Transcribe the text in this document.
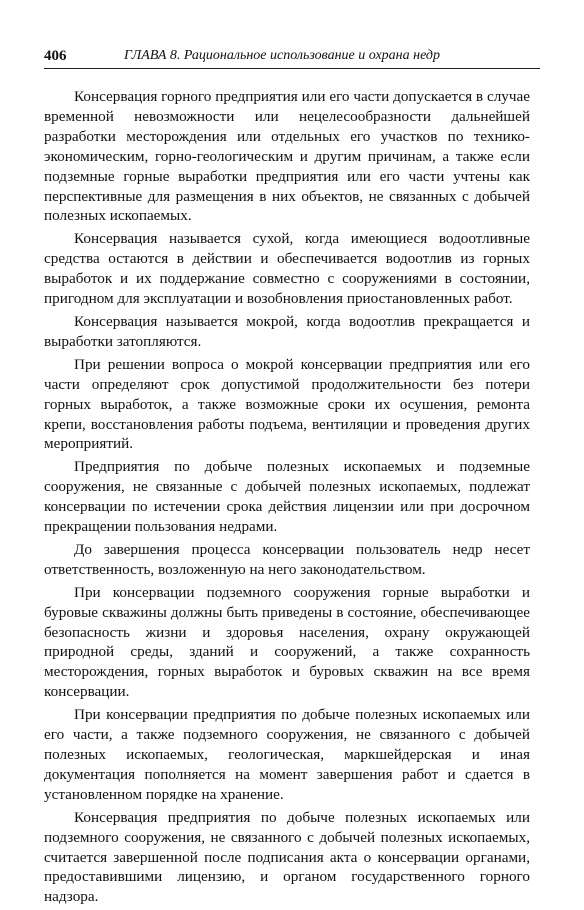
406	ГЛАВА 8. Рациональное использование и охрана недр

Консервация горного предприятия или его части допускается в случае временной невозможности или нецелесообразности дальнейшей разработки месторождения или отдельных его участков по технико-экономическим, горно-геологическим и другим причинам, а также если подземные горные выработки предприятия или его части учтены как перспективные для размещения в них объектов, не связанных с добычей полезных ископаемых.

Консервация называется сухой, когда имеющиеся водоотливные средства остаются в действии и обеспечивается водоотлив из горных выработок и их поддержание совместно с сооружениями в состоянии, пригодном для эксплуатации и возобновления приостановленных работ.

Консервация называется мокрой, когда водоотлив прекращается и выработки затопляются.

При решении вопроса о мокрой консервации предприятия или его части определяют срок допустимой продолжительности без потери горных выработок, а также возможные сроки их осушения, ремонта крепи, восстановления работы подъема, вентиляции и проведения других мероприятий.

Предприятия по добыче полезных ископаемых и подземные сооружения, не связанные с добычей полезных ископаемых, подлежат консервации по истечении срока действия лицензии или при досрочном прекращении пользования недрами.

До завершения процесса консервации пользователь недр несет ответственность, возложенную на него законодательством.

При консервации подземного сооружения горные выработки и буровые скважины должны быть приведены в состояние, обеспечивающее безопасность жизни и здоровья населения, охрану окружающей природной среды, зданий и сооружений, а также сохранность месторождения, горных выработок и буровых скважин на все время консервации.

При консервации предприятия по добыче полезных ископаемых или его части, а также подземного сооружения, не связанного с добычей полезных ископаемых, геологическая, маркшейдерская и иная документация пополняется на момент завершения работ и сдается в установленном порядке на хранение.

Консервация предприятия по добыче полезных ископаемых или подземного сооружения, не связанного с добычей полезных ископаемых, считается завершенной после подписания акта о консервации органами, предоставившими лицензию, и органом государственного горного надзора.
